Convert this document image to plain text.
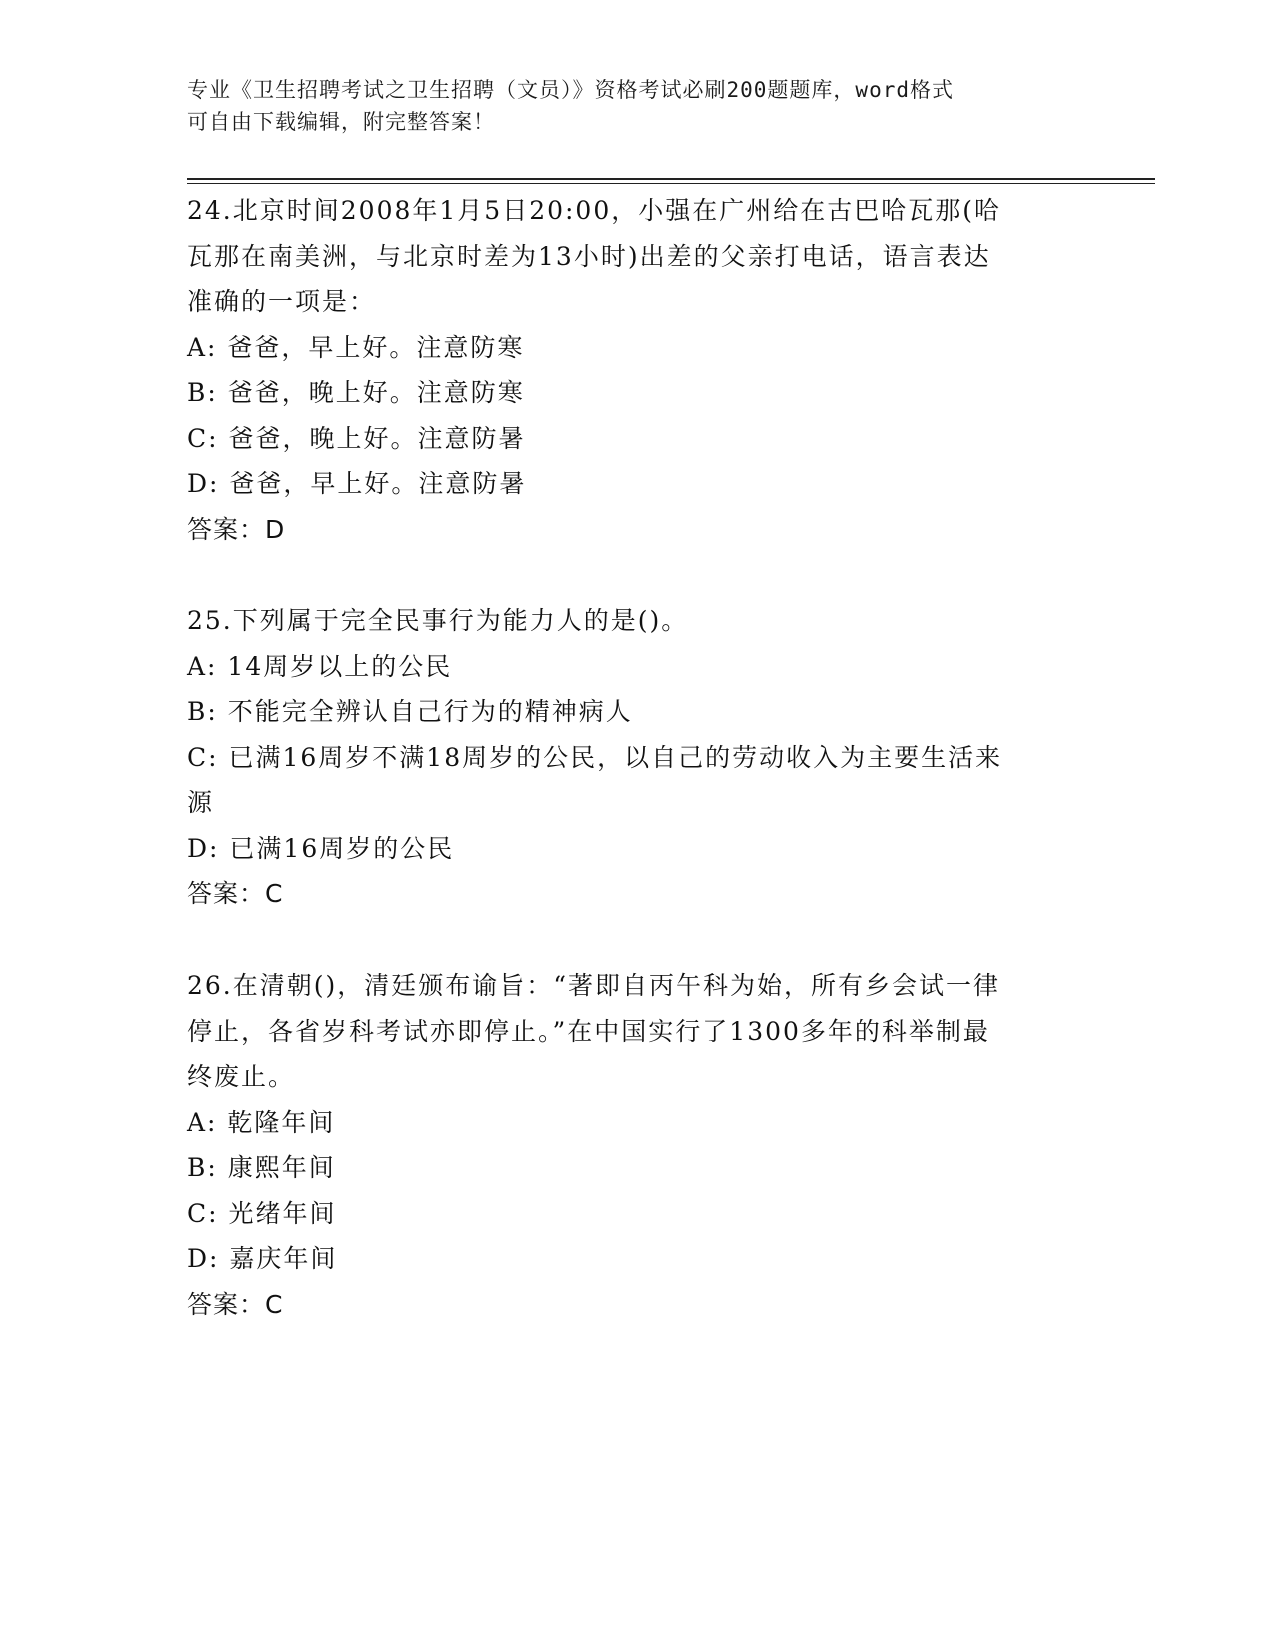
专业《卫生招聘考试之卫生招聘（文员）》资格考试必刷200题题库，word格式
可自由下载编辑，附完整答案！
24.北京时间2008年1月5日20:00，小强在广州给在古巴哈瓦那(哈
瓦那在南美洲，与北京时差为13小时)出差的父亲打电话，语言表达
准确的一项是：
A: 爸爸，早上好。注意防寒
B: 爸爸，晚上好。注意防寒
C: 爸爸，晚上好。注意防暑
D: 爸爸，早上好。注意防暑
答案：D
25.下列属于完全民事行为能力人的是()。
A: 14周岁以上的公民
B: 不能完全辨认自己行为的精神病人
C: 已满16周岁不满18周岁的公民，以自己的劳动收入为主要生活来
源
D: 已满16周岁的公民
答案：C
26.在清朝()，清廷颁布谕旨：“著即自丙午科为始，所有乡会试一律
停止，各省岁科考试亦即停止。”在中国实行了1300多年的科举制最
终废止。
A: 乾隆年间
B: 康熙年间
C: 光绪年间
D: 嘉庆年间
答案：C
